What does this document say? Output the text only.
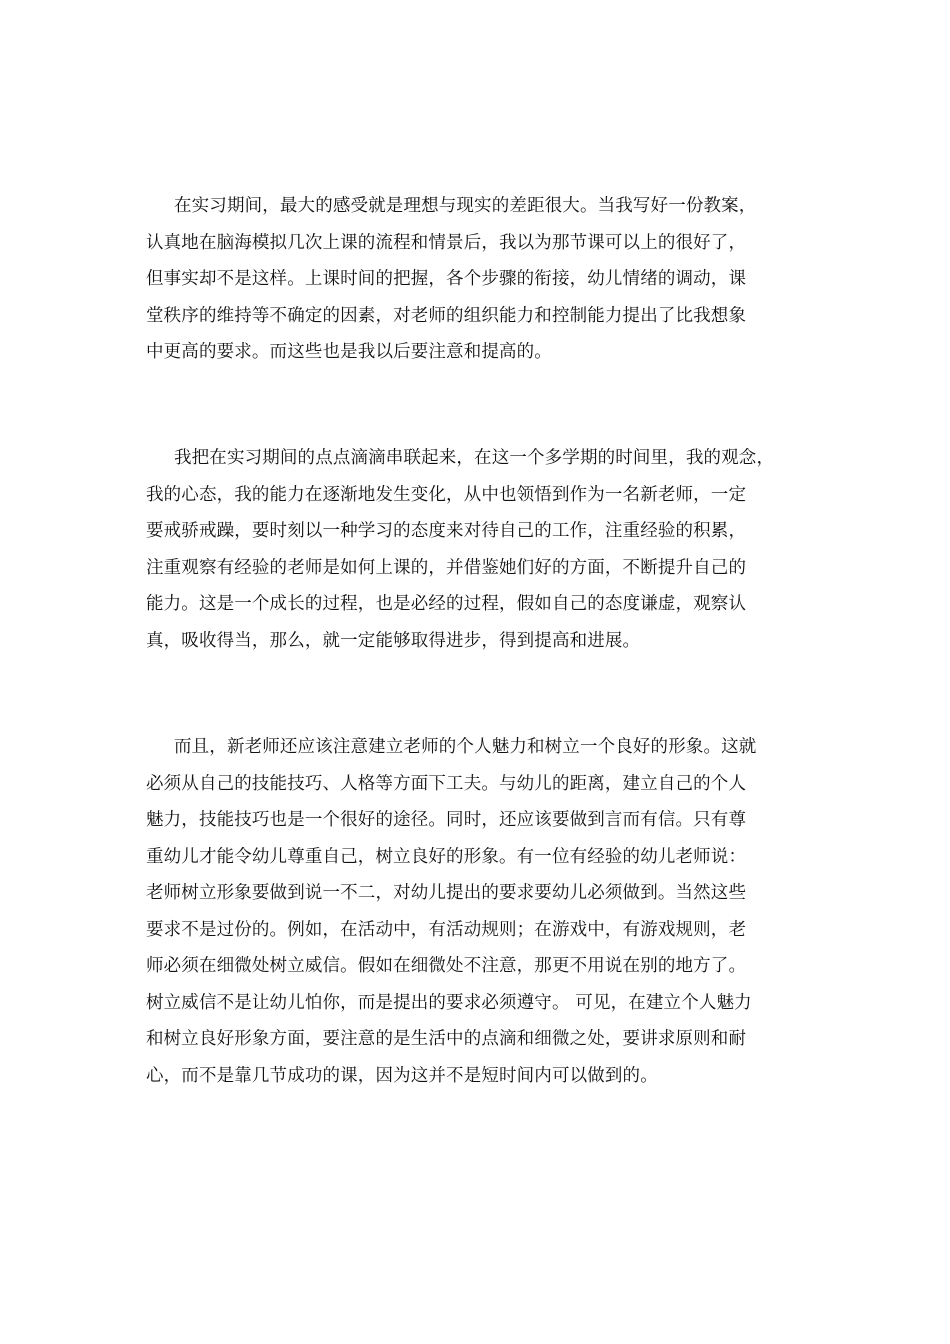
在实习期间，最大的感受就是理想与现实的差距很大。当我写好一份教案，
认真地在脑海模拟几次上课的流程和情景后，我以为那节课可以上的很好了，
但事实却不是这样。上课时间的把握，各个步骤的衔接，幼儿情绪的调动，课
堂秩序的维持等不确定的因素，对老师的组织能力和控制能力提出了比我想象
中更高的要求。而这些也是我以后要注意和提高的。
我把在实习期间的点点滴滴串联起来，在这一个多学期的时间里，我的观念，
我的心态，我的能力在逐渐地发生变化，从中也领悟到作为一名新老师，一定
要戒骄戒躁，要时刻以一种学习的态度来对待自己的工作，注重经验的积累，
注重观察有经验的老师是如何上课的，并借鉴她们好的方面，不断提升自己的
能力。这是一个成长的过程，也是必经的过程，假如自己的态度谦虚，观察认
真，吸收得当，那么，就一定能够取得进步，得到提高和进展。
而且，新老师还应该注意建立老师的个人魅力和树立一个良好的形象。这就
必须从自己的技能技巧、人格等方面下工夫。与幼儿的距离，建立自己的个人
魅力，技能技巧也是一个很好的途径。同时，还应该要做到言而有信。只有尊
重幼儿才能令幼儿尊重自己，树立良好的形象。有一位有经验的幼儿老师说：
老师树立形象要做到说一不二，对幼儿提出的要求要幼儿必须做到。当然这些
要求不是过份的。例如，在活动中，有活动规则；在游戏中，有游戏规则，老
师必须在细微处树立威信。假如在细微处不注意，那更不用说在别的地方了。
树立威信不是让幼儿怕你，而是提出的要求必须遵守。 可见，在建立个人魅力
和树立良好形象方面，要注意的是生活中的点滴和细微之处，要讲求原则和耐
心，而不是靠几节成功的课，因为这并不是短时间内可以做到的。
